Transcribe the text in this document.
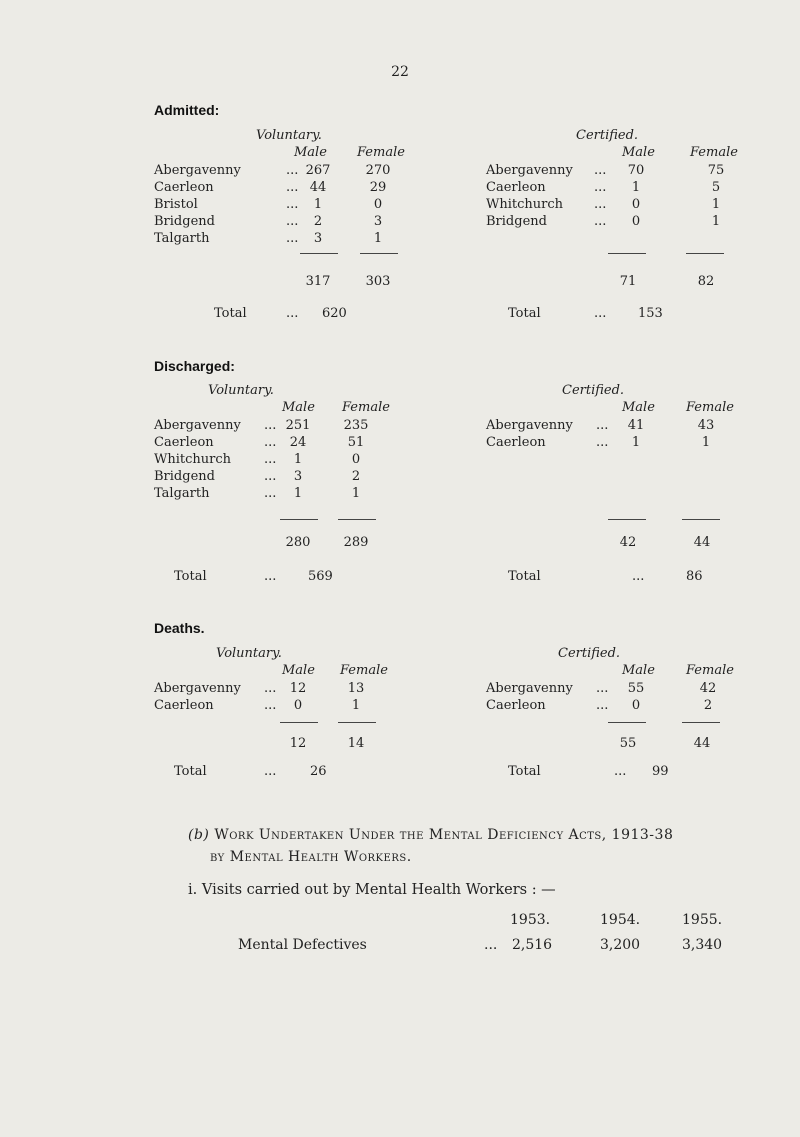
22
Admitted:
Voluntary.
Male Female
Abergavenny	... 267	270
Caerleon	... 44	29
Bristol	...	1	0
Bridgend	...	2	3
Talgarth	...	3	1
317	303
Total	... 620
Certified.
Male	Female
Abergavenny ...	70	75
Caerleon	...	1	5
Whitchurch ...	0	1
Bridgend	...	0	1
71	82
Total	... 153
Discharged:
Voluntary.
Male Female
Abergavenny ... 251	235
Caerleon	...	24	51
Whitchurch	...	1	0
Bridgend	...	3	2
Talgarth	...	1	1
280	289
Total	... 569
Certified.
Male Female
Abergavenny ...	41	43
Caerleon	...	1	1
42	44
Total	...	86
Deaths.
Voluntary.
Male Female
Abergavenny ...	12	13
Caerleon	...	0	1
12	14
Total	...	26
Certified.
Male Female
Abergavenny ...	55	42
Caerleon	...	0	2
55	44
Total	... 99
(b) Work Undertaken Under the Mental Deficiency Acts, 1913-38
by Mental Health Workers.
i. Visits carried out by Mental Health Workers : —
1953.	1954.	1955.
Mental Defectives	... 2,516	3,200	3,340
